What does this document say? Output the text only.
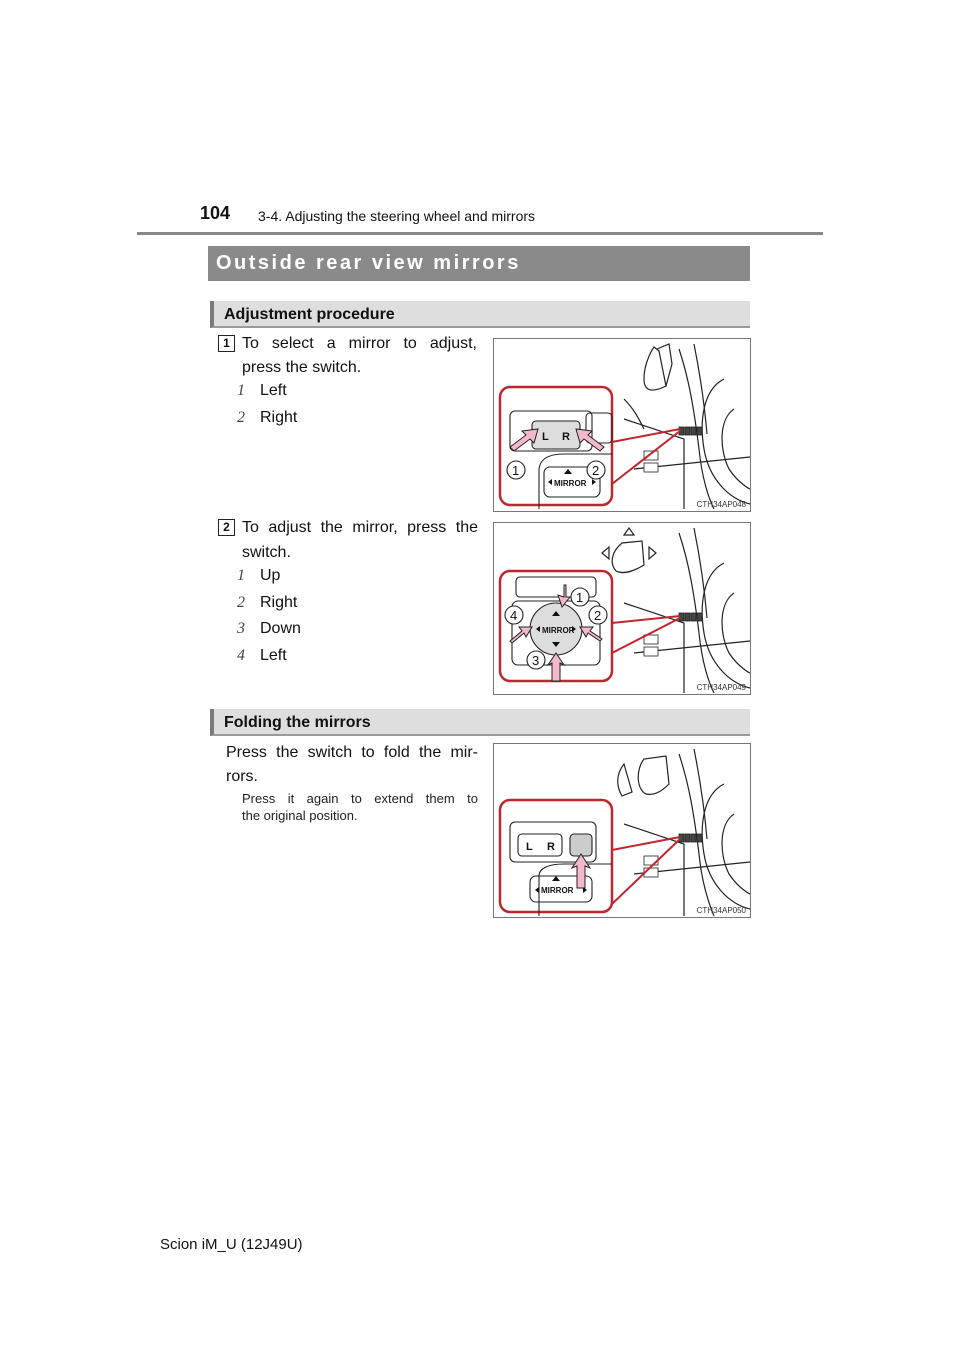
104 3-4. Adjusting the steering wheel and mirrors
Outside rear view mirrors
Adjustment procedure
1 To select a mirror to adjust,
press the switch.
1 Left
2 Right
L R
MIRROR
1	2
CTH34AP048
2 To adjust the mirror, press the
switch.
1 Up
2 Right
3 Down
4 Left
MIRROR
1
2
3
4
CTH34AP049
Folding the mirrors
Press the switch to fold the mir-
rors.
Press it again to extend them to
the original position.
L R
MIRROR
CTH34AP050
Scion iM_U (12J49U)
